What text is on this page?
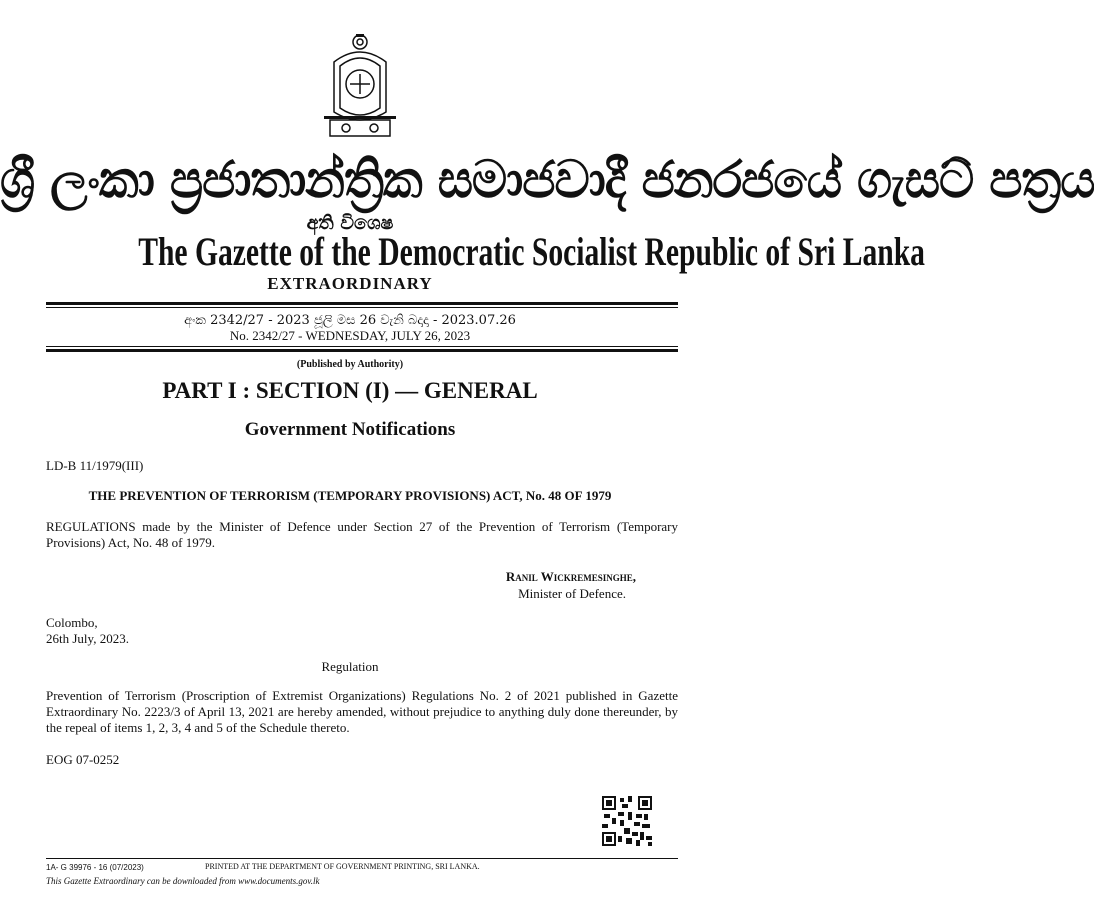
ශ්‍රී ලංකා ප්‍රජාතාන්ත්‍රික සමාජවාදී ජනරජයේ ගැසට් පත්‍රය
අති විශෙෂ
The Gazette of the Democratic Socialist Republic of Sri Lanka
EXTRAORDINARY
අංක 2342/27 - 2023 ජූලි මස 26 වැනි බදාදා - 2023.07.26
No. 2342/27 - WEDNESDAY, JULY 26, 2023
(Published by Authority)
PART I : SECTION (I) — GENERAL
Government Notifications
LD-B 11/1979(III)
THE PREVENTION OF TERRORISM (TEMPORARY PROVISIONS) ACT, No. 48 OF 1979
REGULATIONS made by the Minister of Defence under Section 27 of the Prevention of Terrorism (Temporary Provisions) Act, No. 48 of 1979.
Ranil Wickremesinghe,
Minister of Defence.
Colombo,
26th July, 2023.
Regulation
Prevention of Terrorism (Proscription of Extremist Organizations) Regulations No. 2 of 2021 published in Gazette Extraordinary No. 2223/3 of April 13, 2021 are hereby amended, without prejudice to anything duly done thereunder, by the repeal of items 1, 2, 3, 4 and 5 of the Schedule thereto.
EOG 07-0252
1A- G 39976 - 16 (07/2023)	PRINTED AT THE DEPARTMENT OF GOVERNMENT PRINTING, SRI LANKA.
This Gazette Extraordinary can be downloaded from www.documents.gov.lk
